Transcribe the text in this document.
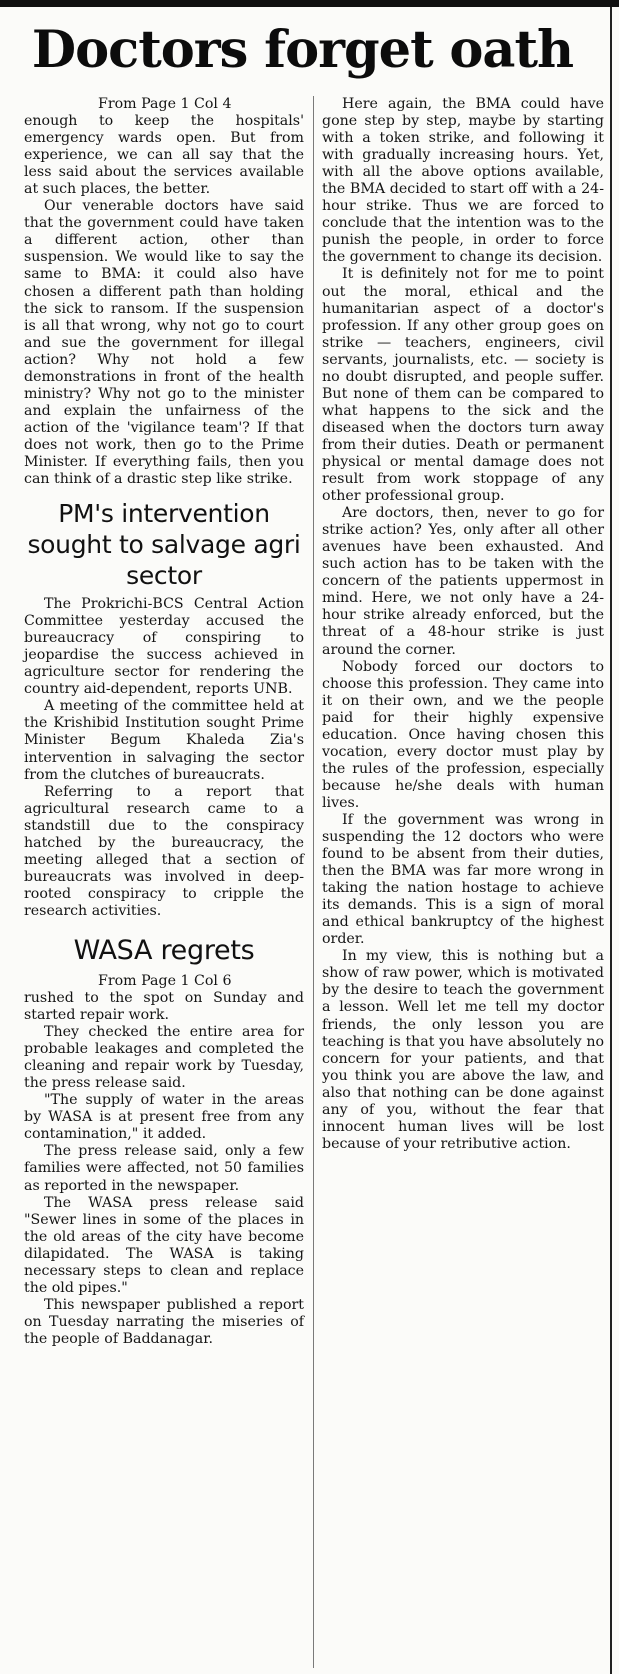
Doctors forget oath

From Page 1 Col 4

enough to keep the hospitals' emergency wards open. But from experience, we can all say that the less said about the services available at such places, the better.

Our venerable doctors have said that the government could have taken a different action, other than suspension. We would like to say the same to BMA: it could also have chosen a different path than holding the sick to ransom. If the suspension is all that wrong, why not go to court and sue the government for illegal action? Why not hold a few demonstrations in front of the health ministry? Why not go to the minister and explain the unfairness of the action of the 'vigilance team'? If that does not work, then go to the Prime Minister. If everything fails, then you can think of a drastic step like strike.

PM's intervention sought to salvage agri sector

The Prokrichi-BCS Central Action Committee yesterday accused the bureaucracy of conspiring to jeopardise the success achieved in agriculture sector for rendering the country aid-dependent, reports UNB.

A meeting of the committee held at the Krishibid Institution sought Prime Minister Begum Khaleda Zia's intervention in salvaging the sector from the clutches of bureaucrats.

Referring to a report that agricultural research came to a standstill due to the conspiracy hatched by the bureaucracy, the meeting alleged that a section of bureaucrats was involved in deep-rooted conspiracy to cripple the research activities.

WASA regrets

From Page 1 Col 6

rushed to the spot on Sunday and started repair work.

They checked the entire area for probable leakages and completed the cleaning and repair work by Tuesday, the press release said.

"The supply of water in the areas by WASA is at present free from any contamination," it added.

The press release said, only a few families were affected, not 50 families as reported in the newspaper.

The WASA press release said "Sewer lines in some of the places in the old areas of the city have become dilapidated. The WASA is taking necessary steps to clean and replace the old pipes."

This newspaper published a report on Tuesday narrating the miseries of the people of Baddanagar.

Here again, the BMA could have gone step by step, maybe by starting with a token strike, and following it with gradually increasing hours. Yet, with all the above options available, the BMA decided to start off with a 24-hour strike. Thus we are forced to conclude that the intention was to the punish the people, in order to force the government to change its decision.

It is definitely not for me to point out the moral, ethical and the humanitarian aspect of a doctor's profession. If any other group goes on strike — teachers, engineers, civil servants, journalists, etc. — society is no doubt disrupted, and people suffer. But none of them can be compared to what happens to the sick and the diseased when the doctors turn away from their duties. Death or permanent physical or mental damage does not result from work stoppage of any other professional group.

Are doctors, then, never to go for strike action? Yes, only after all other avenues have been exhausted. And such action has to be taken with the concern of the patients uppermost in mind. Here, we not only have a 24-hour strike already enforced, but the threat of a 48-hour strike is just around the corner.

Nobody forced our doctors to choose this profession. They came into it on their own, and we the people paid for their highly expensive education. Once having chosen this vocation, every doctor must play by the rules of the profession, especially because he/she deals with human lives.

If the government was wrong in suspending the 12 doctors who were found to be absent from their duties, then the BMA was far more wrong in taking the nation hostage to achieve its demands. This is a sign of moral and ethical bankruptcy of the highest order.

In my view, this is nothing but a show of raw power, which is motivated by the desire to teach the government a lesson. Well let me tell my doctor friends, the only lesson you are teaching is that you have absolutely no concern for your patients, and that you think you are above the law, and also that nothing can be done against any of you, without the fear that innocent human lives will be lost because of your retributive action.
